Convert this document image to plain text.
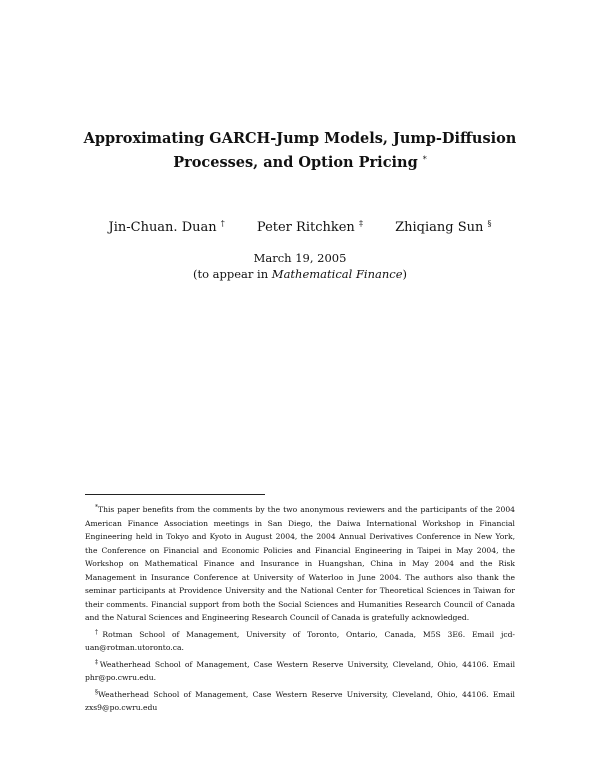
Approximating GARCH-Jump Models, Jump-Diffusion
Processes, and Option Pricing *
Jin-Chuan. Duan † Peter Ritchken ‡ Zhiqiang Sun §
March 19, 2005
(to appear in Mathematical Finance)

*This paper benefits from the comments by the two anonymous reviewers and the participants of the 2004 American Finance Association meetings in San Diego, the Daiwa International Workshop in Financial Engineering held in Tokyo and Kyoto in August 2004, the 2004 Annual Derivatives Conference in New York, the Conference on Financial and Economic Policies and Financial Engineering in Taipei in May 2004, the Workshop on Mathematical Finance and Insurance in Huangshan, China in May 2004 and the Risk Management in Insurance Conference at University of Waterloo in June 2004. The authors also thank the seminar participants at Providence University and the National Center for Theoretical Sciences in Taiwan for their comments. Financial support from both the Social Sciences and Humanities Research Council of Canada and the Natural Sciences and Engineering Research Council of Canada is gratefully acknowledged.

†Rotman School of Management, University of Toronto, Ontario, Canada, M5S 3E6. Email jcd-uan@rotman.utoronto.ca.

‡Weatherhead School of Management, Case Western Reserve University, Cleveland, Ohio, 44106. Email phr@po.cwru.edu.

§Weatherhead School of Management, Case Western Reserve University, Cleveland, Ohio, 44106. Email zxs9@po.cwru.edu
